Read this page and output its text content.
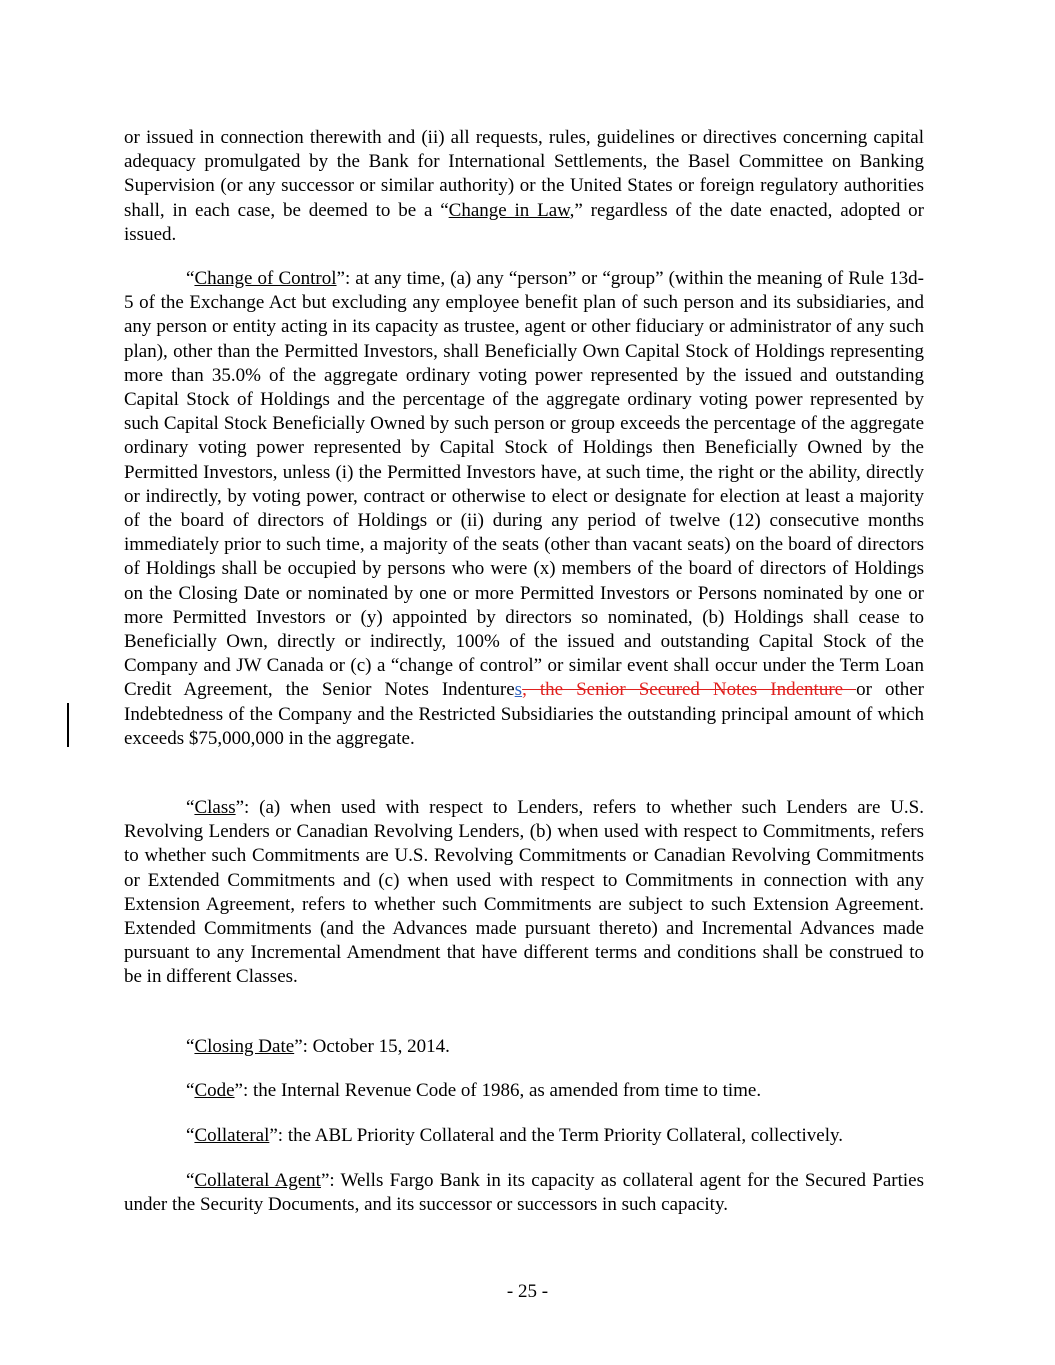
or issued in connection therewith and (ii) all requests, rules, guidelines or directives concerning capital adequacy promulgated by the Bank for International Settlements, the Basel Committee on Banking Supervision (or any successor or similar authority) or the United States or foreign regulatory authorities shall, in each case, be deemed to be a “Change in Law,” regardless of the date enacted, adopted or issued.

“Change of Control”: at any time, (a) any “person” or “group” (within the meaning of Rule 13d-5 of the Exchange Act but excluding any employee benefit plan of such person and its subsidiaries, and any person or entity acting in its capacity as trustee, agent or other fiduciary or administrator of any such plan), other than the Permitted Investors, shall Beneficially Own Capital Stock of Holdings representing more than 35.0% of the aggregate ordinary voting power represented by the issued and outstanding Capital Stock of Holdings and the percentage of the aggregate ordinary voting power represented by such Capital Stock Beneficially Owned by such person or group exceeds the percentage of the aggregate ordinary voting power represented by Capital Stock of Holdings then Beneficially Owned by the Permitted Investors, unless (i) the Permitted Investors have, at such time, the right or the ability, directly or indirectly, by voting power, contract or otherwise to elect or designate for election at least a majority of the board of directors of Holdings or (ii) during any period of twelve (12) consecutive months immediately prior to such time, a majority of the seats (other than vacant seats) on the board of directors of Holdings shall be occupied by persons who were (x) members of the board of directors of Holdings on the Closing Date or nominated by one or more Permitted Investors or Persons nominated by one or more Permitted Investors or (y) appointed by directors so nominated, (b) Holdings shall cease to Beneficially Own, directly or indirectly, 100% of the issued and outstanding Capital Stock of the Company and JW Canada or (c) a “change of control” or similar event shall occur under the Term Loan Credit Agreement, the Senior Notes Indentures, the Senior Secured Notes Indenture or other Indebtedness of the Company and the Restricted Subsidiaries the outstanding principal amount of which exceeds $75,000,000 in the aggregate.

“Class”: (a) when used with respect to Lenders, refers to whether such Lenders are U.S. Revolving Lenders or Canadian Revolving Lenders, (b) when used with respect to Commitments, refers to whether such Commitments are U.S. Revolving Commitments or Canadian Revolving Commitments or Extended Commitments and (c) when used with respect to Commitments in connection with any Extension Agreement, refers to whether such Commitments are subject to such Extension Agreement. Extended Commitments (and the Advances made pursuant thereto) and Incremental Advances made pursuant to any Incremental Amendment that have different terms and conditions shall be construed to be in different Classes.

“Closing Date”: October 15, 2014.

“Code”: the Internal Revenue Code of 1986, as amended from time to time.

“Collateral”: the ABL Priority Collateral and the Term Priority Collateral, collectively.

“Collateral Agent”: Wells Fargo Bank in its capacity as collateral agent for the Secured Parties under the Security Documents, and its successor or successors in such capacity.

- 25 -
